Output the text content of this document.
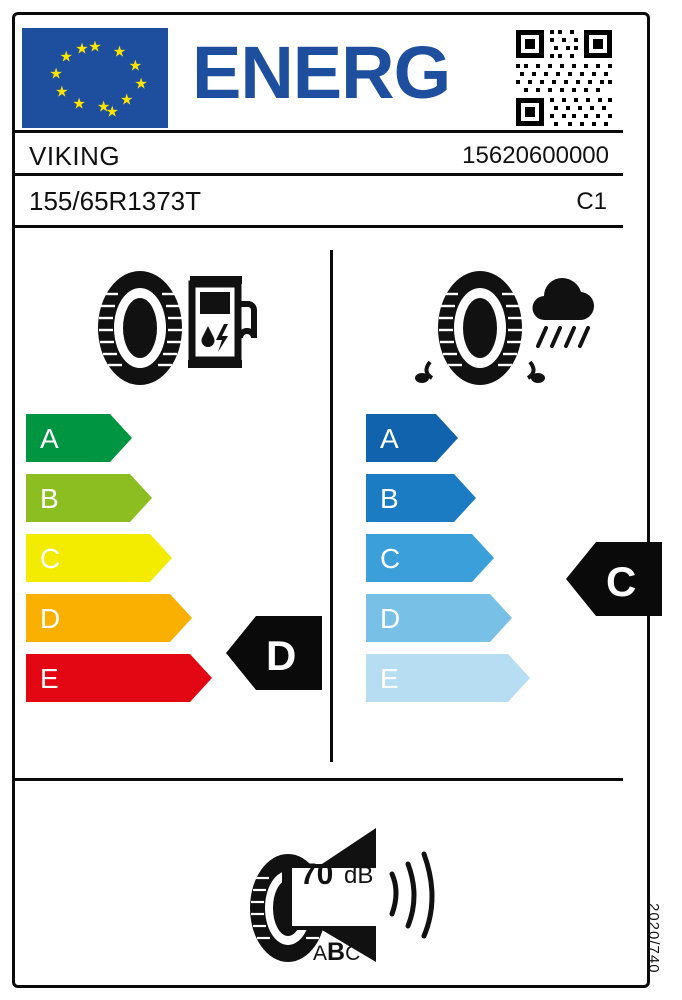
★ ★
★
★
★
★
★
★
★
★
★
★ ENERG
VIKING	15620600000
155/65R1373T	C1
A
B
C
D
E	D
A
B
C
D
E
C
70 dB
ABC	2020/740
